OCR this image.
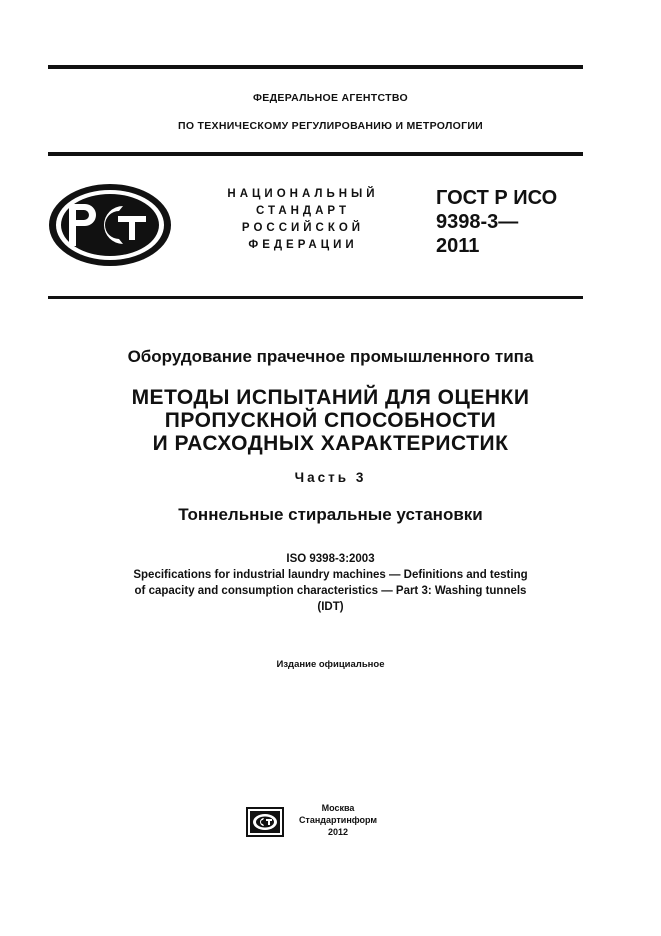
ФЕДЕРАЛЬНОЕ АГЕНТСТВО
ПО ТЕХНИЧЕСКОМУ РЕГУЛИРОВАНИЮ И МЕТРОЛОГИИ
НАЦИОНАЛЬНЫЙ
СТАНДАРТ
РОССИЙСКОЙ
ФЕДЕРАЦИИ
ГОСТ Р ИСО
9398-3—
2011
Оборудование прачечное промышленного типа
МЕТОДЫ ИСПЫТАНИЙ ДЛЯ ОЦЕНКИ
ПРОПУСКНОЙ СПОСОБНОСТИ
И РАСХОДНЫХ ХАРАКТЕРИСТИК
Часть 3
Тоннельные стиральные установки
ISO 9398-3:2003
Specifications for industrial laundry machines — Definitions and testing
of capacity and consumption characteristics — Part 3: Washing tunnels
(IDT)
Издание официальное
Москва
Стандартинформ
2012
